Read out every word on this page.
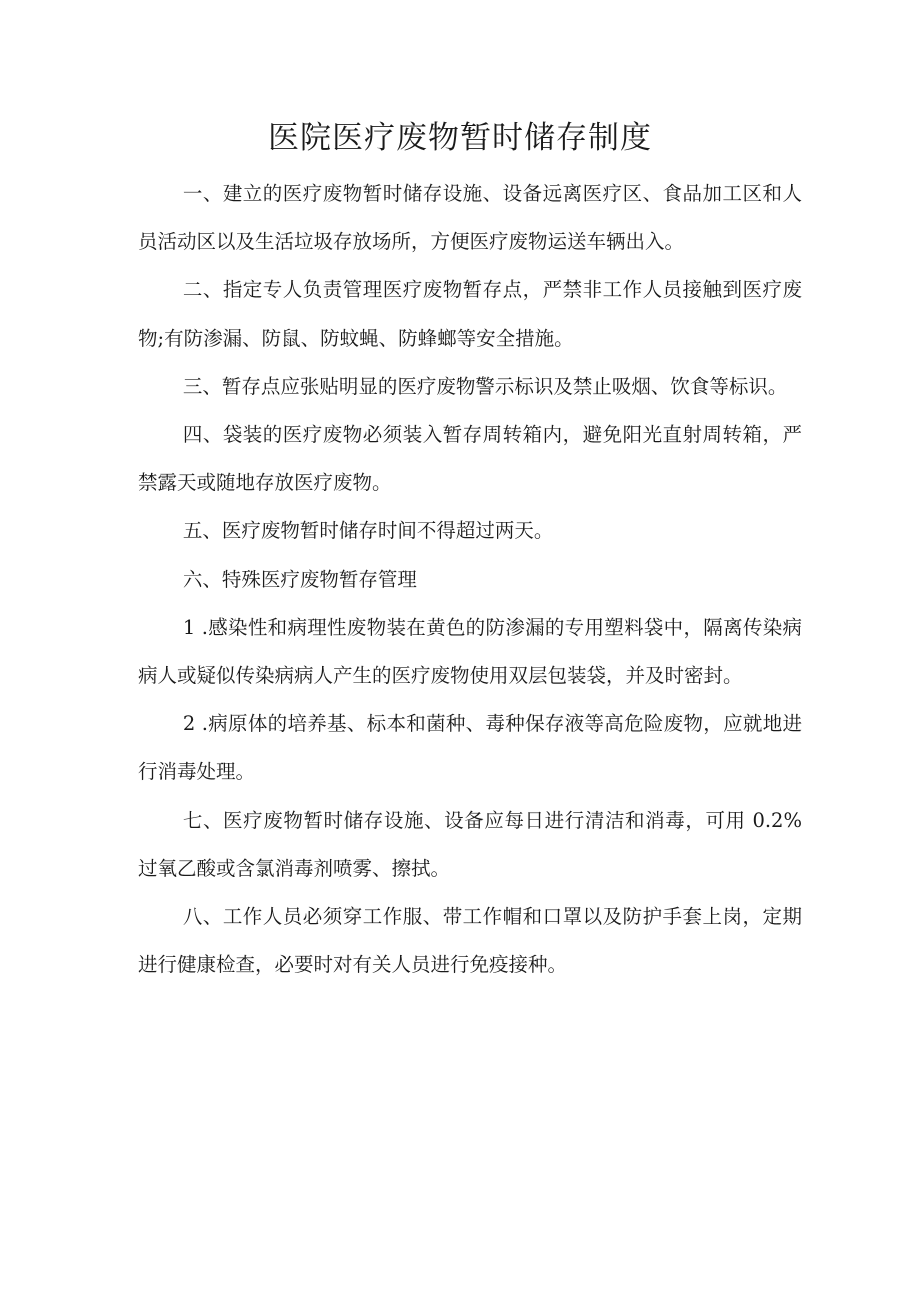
医院医疗废物暂时储存制度

一、建立的医疗废物暂时储存设施、设备远离医疗区、食品加工区和人员活动区以及生活垃圾存放场所，方便医疗废物运送车辆出入。

二、指定专人负责管理医疗废物暂存点，严禁非工作人员接触到医疗废物;有防渗漏、防鼠、防蚊蝇、防蜂螂等安全措施。

三、暂存点应张贴明显的医疗废物警示标识及禁止吸烟、饮食等标识。

四、袋装的医疗废物必须装入暂存周转箱内，避免阳光直射周转箱，严禁露天或随地存放医疗废物。

五、医疗废物暂时储存时间不得超过两天。

六、特殊医疗废物暂存管理

1 .感染性和病理性废物装在黄色的防渗漏的专用塑料袋中，隔离传染病病人或疑似传染病病人产生的医疗废物使用双层包装袋，并及时密封。

2 .病原体的培养基、标本和菌种、毒种保存液等高危险废物，应就地进行消毒处理。

七、医疗废物暂时储存设施、设备应每日进行清洁和消毒，可用 0.2% 过氧乙酸或含氯消毒剂喷雾、擦拭。

八、工作人员必须穿工作服、带工作帽和口罩以及防护手套上岗，定期进行健康检查，必要时对有关人员进行免疫接种。
